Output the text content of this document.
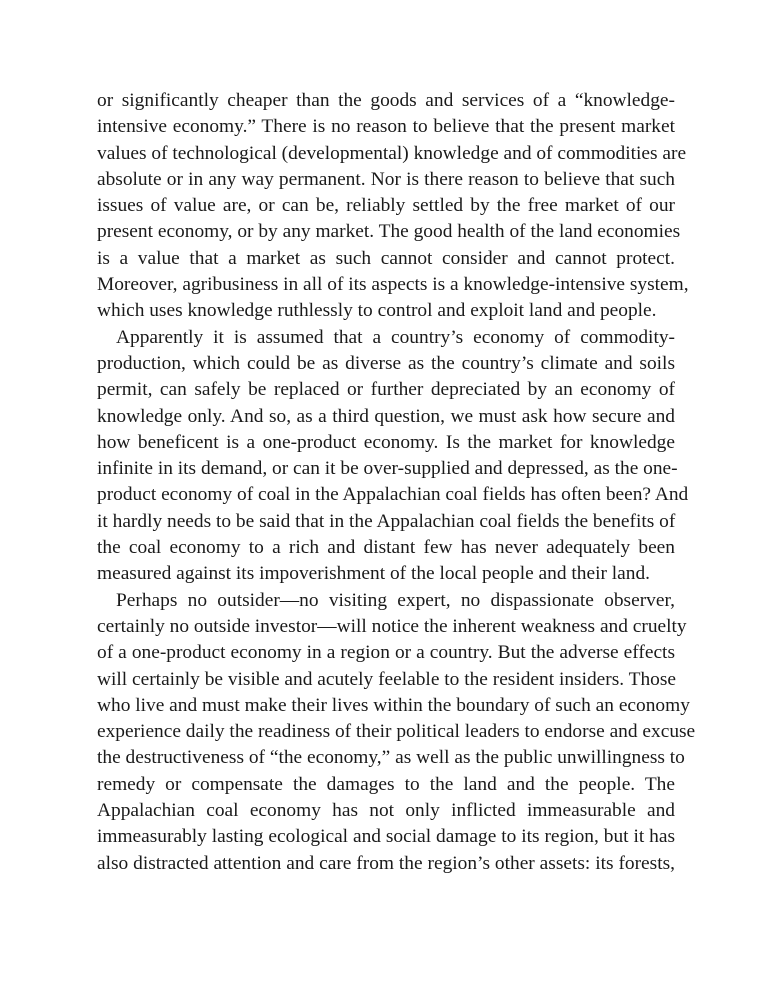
or significantly cheaper than the goods and services of a “knowledge-
intensive economy.” There is no reason to believe that the present market
values of technological (developmental) knowledge and of commodities are
absolute or in any way permanent. Nor is there reason to believe that such
issues of value are, or can be, reliably settled by the free market of our
present economy, or by any market. The good health of the land economies
is a value that a market as such cannot consider and cannot protect.
Moreover, agribusiness in all of its aspects is a knowledge-intensive system,
which uses knowledge ruthlessly to control and exploit land and people.
Apparently it is assumed that a country’s economy of commodity-
production, which could be as diverse as the country’s climate and soils
permit, can safely be replaced or further depreciated by an economy of
knowledge only. And so, as a third question, we must ask how secure and
how beneficent is a one-product economy. Is the market for knowledge
infinite in its demand, or can it be over-supplied and depressed, as the one-
product economy of coal in the Appalachian coal fields has often been? And
it hardly needs to be said that in the Appalachian coal fields the benefits of
the coal economy to a rich and distant few has never adequately been
measured against its impoverishment of the local people and their land.
Perhaps no outsider—no visiting expert, no dispassionate observer,
certainly no outside investor—will notice the inherent weakness and cruelty
of a one-product economy in a region or a country. But the adverse effects
will certainly be visible and acutely feelable to the resident insiders. Those
who live and must make their lives within the boundary of such an economy
experience daily the readiness of their political leaders to endorse and excuse
the destructiveness of “the economy,” as well as the public unwillingness to
remedy or compensate the damages to the land and the people. The
Appalachian coal economy has not only inflicted immeasurable and
immeasurably lasting ecological and social damage to its region, but it has
also distracted attention and care from the region’s other assets: its forests,
